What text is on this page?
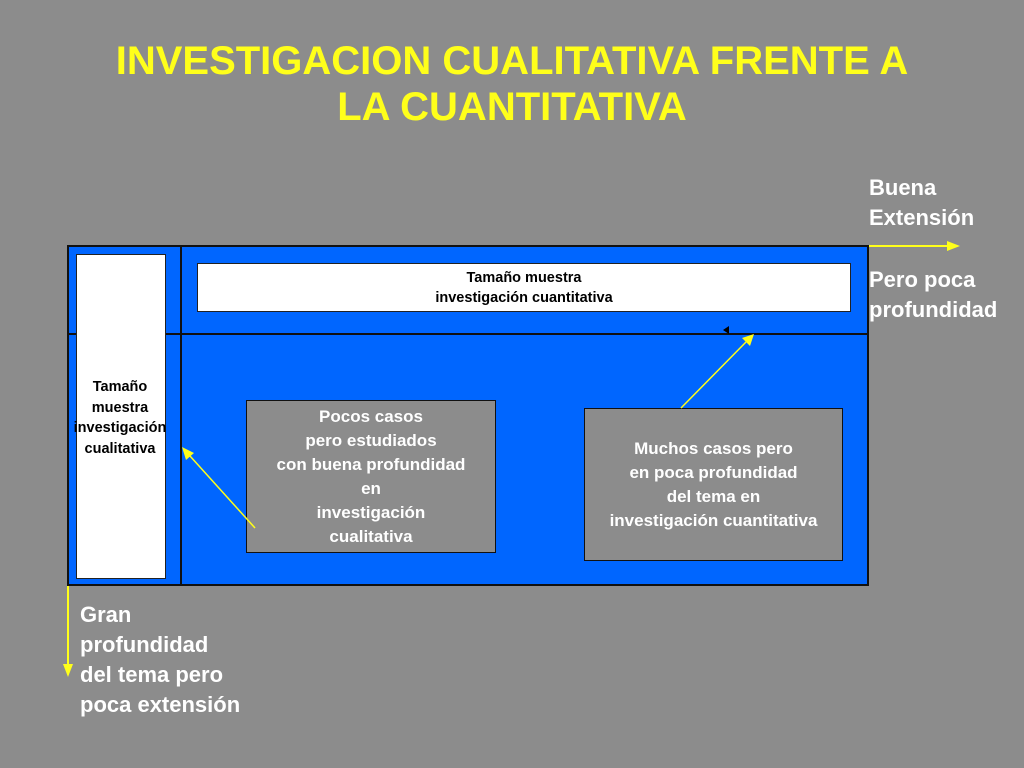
INVESTIGACION CUALITATIVA FRENTE A
LA CUANTITATIVA
Buena
Extensión
Pero poca
profundidad
Tamaño
muestra
investigación
cualitativa
Tamaño muestra
investigación cuantitativa
Pocos casos
pero estudiados
con buena profundidad
en
investigación
cualitativa
Muchos casos pero
en poca profundidad
del tema en
investigación cuantitativa
Gran
profundidad
del tema pero
poca extensión
